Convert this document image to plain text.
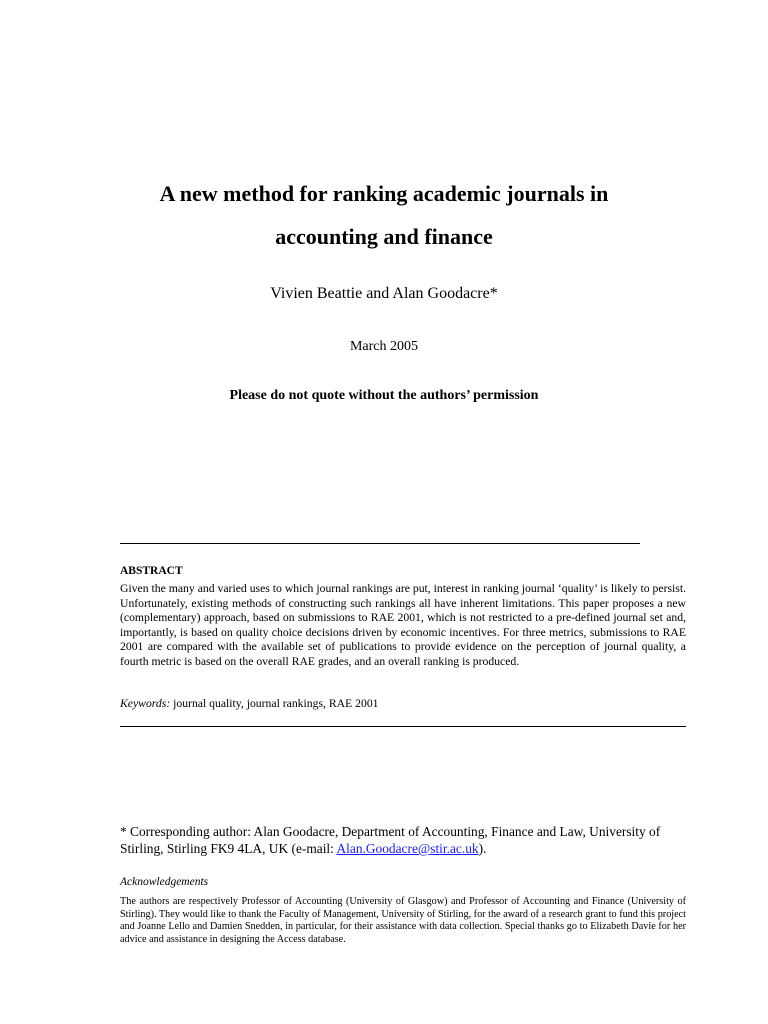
A new method for ranking academic journals in
accounting and finance
Vivien Beattie and Alan Goodacre*
March 2005
Please do not quote without the authors’ permission
ABSTRACT

Given the many and varied uses to which journal rankings are put, interest in ranking journal ‘quality’ is likely to persist. Unfortunately, existing methods of constructing such rankings all have inherent limitations. This paper proposes a new (complementary) approach, based on submissions to RAE 2001, which is not restricted to a pre-defined journal set and, importantly, is based on quality choice decisions driven by economic incentives. For three metrics, submissions to RAE 2001 are compared with the available set of publications to provide evidence on the perception of journal quality, a fourth metric is based on the overall RAE grades, and an overall ranking is produced.

Keywords: journal quality, journal rankings, RAE 2001

* Corresponding author: Alan Goodacre, Department of Accounting, Finance and Law, University of Stirling, Stirling FK9 4LA, UK (e-mail: Alan.Goodacre@stir.ac.uk).

Acknowledgements

The authors are respectively Professor of Accounting (University of Glasgow) and Professor of Accounting and Finance (University of Stirling). They would like to thank the Faculty of Management, University of Stirling, for the award of a research grant to fund this project and Joanne Lello and Damien Snedden, in particular, for their assistance with data collection. Special thanks go to Elizabeth Davie for her advice and assistance in designing the Access database.
